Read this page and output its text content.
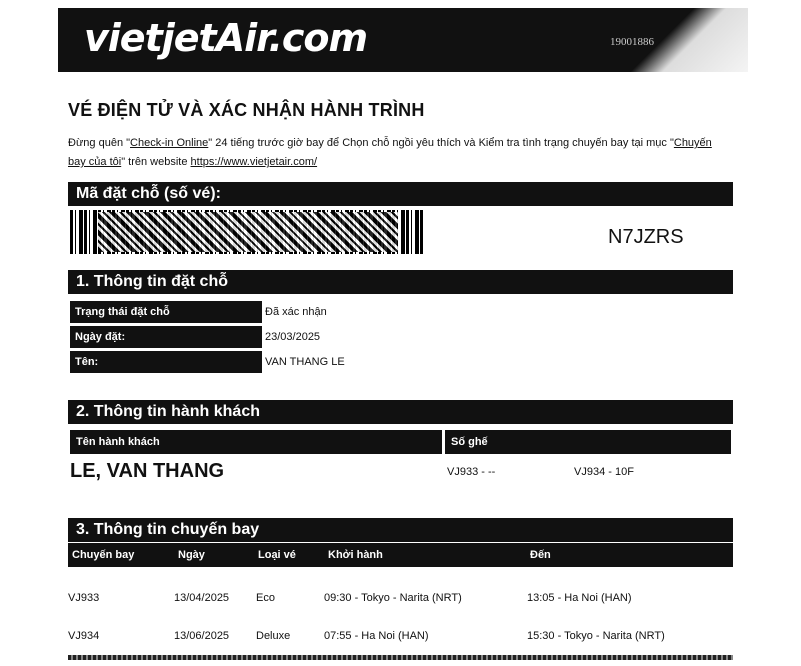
vietjetAir.com	19001886
VÉ ĐIỆN TỬ VÀ XÁC NHẬN HÀNH TRÌNH
Đừng quên "Check-in Online" 24 tiếng trước giờ bay để Chọn chỗ ngồi yêu thích và Kiểm tra tình trạng chuyến bay tại mục "Chuyến bay của tôi" trên website https://www.vietjetair.com/
Mã đặt chỗ (số vé):
N7JZRS
1. Thông tin đặt chỗ
Trạng thái đặt chỗ	Đã xác nhận
Ngày đặt:	23/03/2025
Tên:	VAN THANG LE
2. Thông tin hành khách
Tên hành khách	Số ghế
LE, VAN THANG	VJ933 - --	VJ934 - 10F
3. Thông tin chuyến bay
Chuyến bay	Ngày	Loại vé	Khởi hành	Đến
VJ933	13/04/2025 Eco	09:30 - Tokyo - Narita (NRT)	13:05 - Ha Noi (HAN)
VJ934	13/06/2025 Deluxe	07:55 - Ha Noi (HAN)	15:30 - Tokyo - Narita (NRT)
